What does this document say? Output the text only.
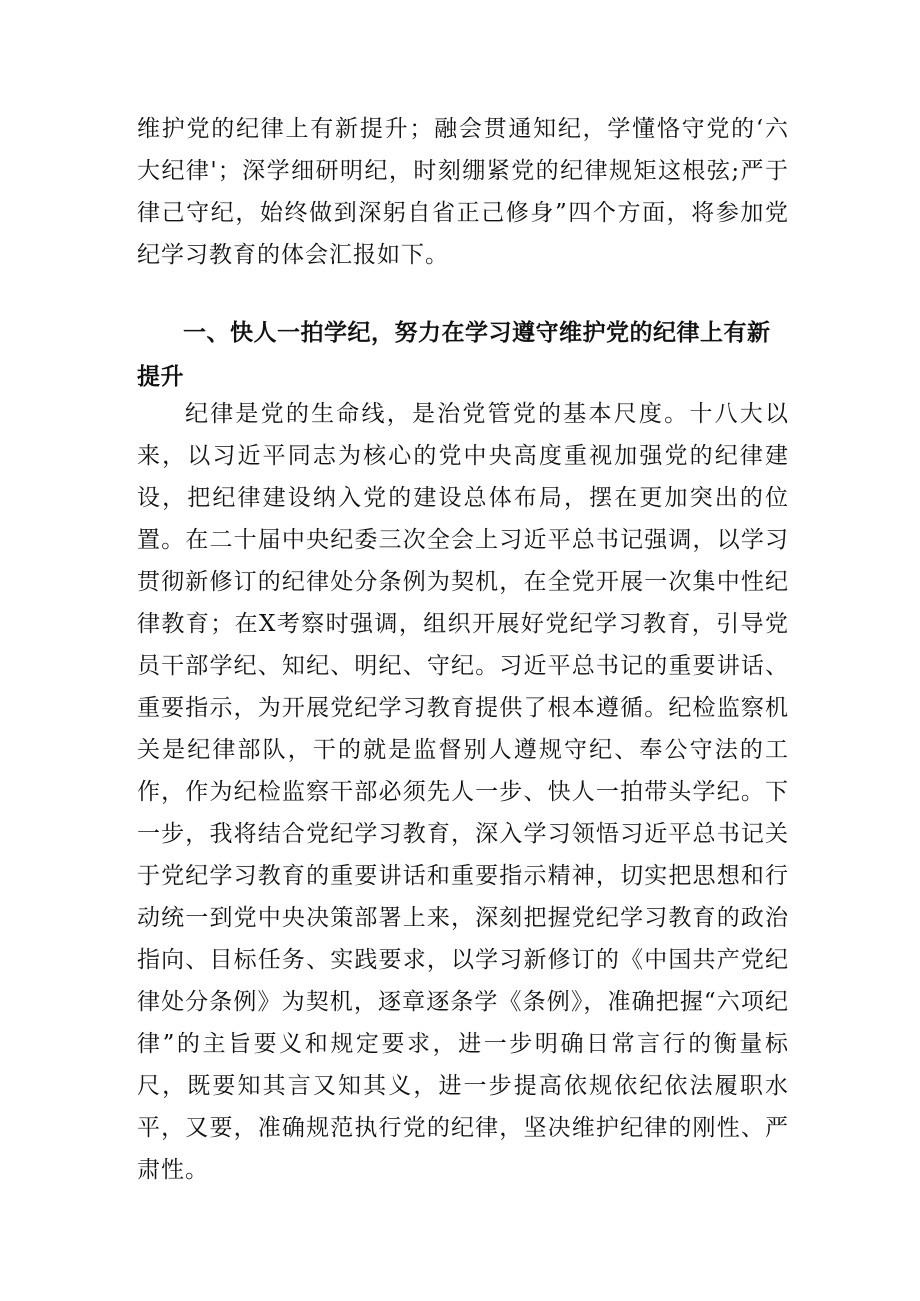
维护党的纪律上有新提升；融会贯通知纪，学懂恪守党的‘六大纪律'；深学细研明纪，时刻绷紧党的纪律规矩这根弦;严于律己守纪，始终做到深躬自省正己修身”四个方面，将参加党纪学习教育的体会汇报如下。

一、快人一拍学纪，努力在学习遵守维护党的纪律上有新提升

纪律是党的生命线，是治党管党的基本尺度。十八大以来，以习近平同志为核心的党中央高度重视加强党的纪律建设，把纪律建设纳入党的建设总体布局，摆在更加突出的位置。在二十届中央纪委三次全会上习近平总书记强调，以学习贯彻新修订的纪律处分条例为契机，在全党开展一次集中性纪律教育；在X考察时强调，组织开展好党纪学习教育，引导党员干部学纪、知纪、明纪、守纪。习近平总书记的重要讲话、重要指示，为开展党纪学习教育提供了根本遵循。纪检监察机关是纪律部队，干的就是监督别人遵规守纪、奉公守法的工作，作为纪检监察干部必须先人一步、快人一拍带头学纪。下一步，我将结合党纪学习教育，深入学习领悟习近平总书记关于党纪学习教育的重要讲话和重要指示精神，切实把思想和行动统一到党中央决策部署上来，深刻把握党纪学习教育的政治指向、目标任务、实践要求，以学习新修订的《中国共产党纪律处分条例》为契机，逐章逐条学《条例》，准确把握“六项纪律”的主旨要义和规定要求，进一步明确日常言行的衡量标尺，既要知其言又知其义，进一步提高依规依纪依法履职水平，又要，准确规范执行党的纪律，坚决维护纪律的刚性、严肃性。
